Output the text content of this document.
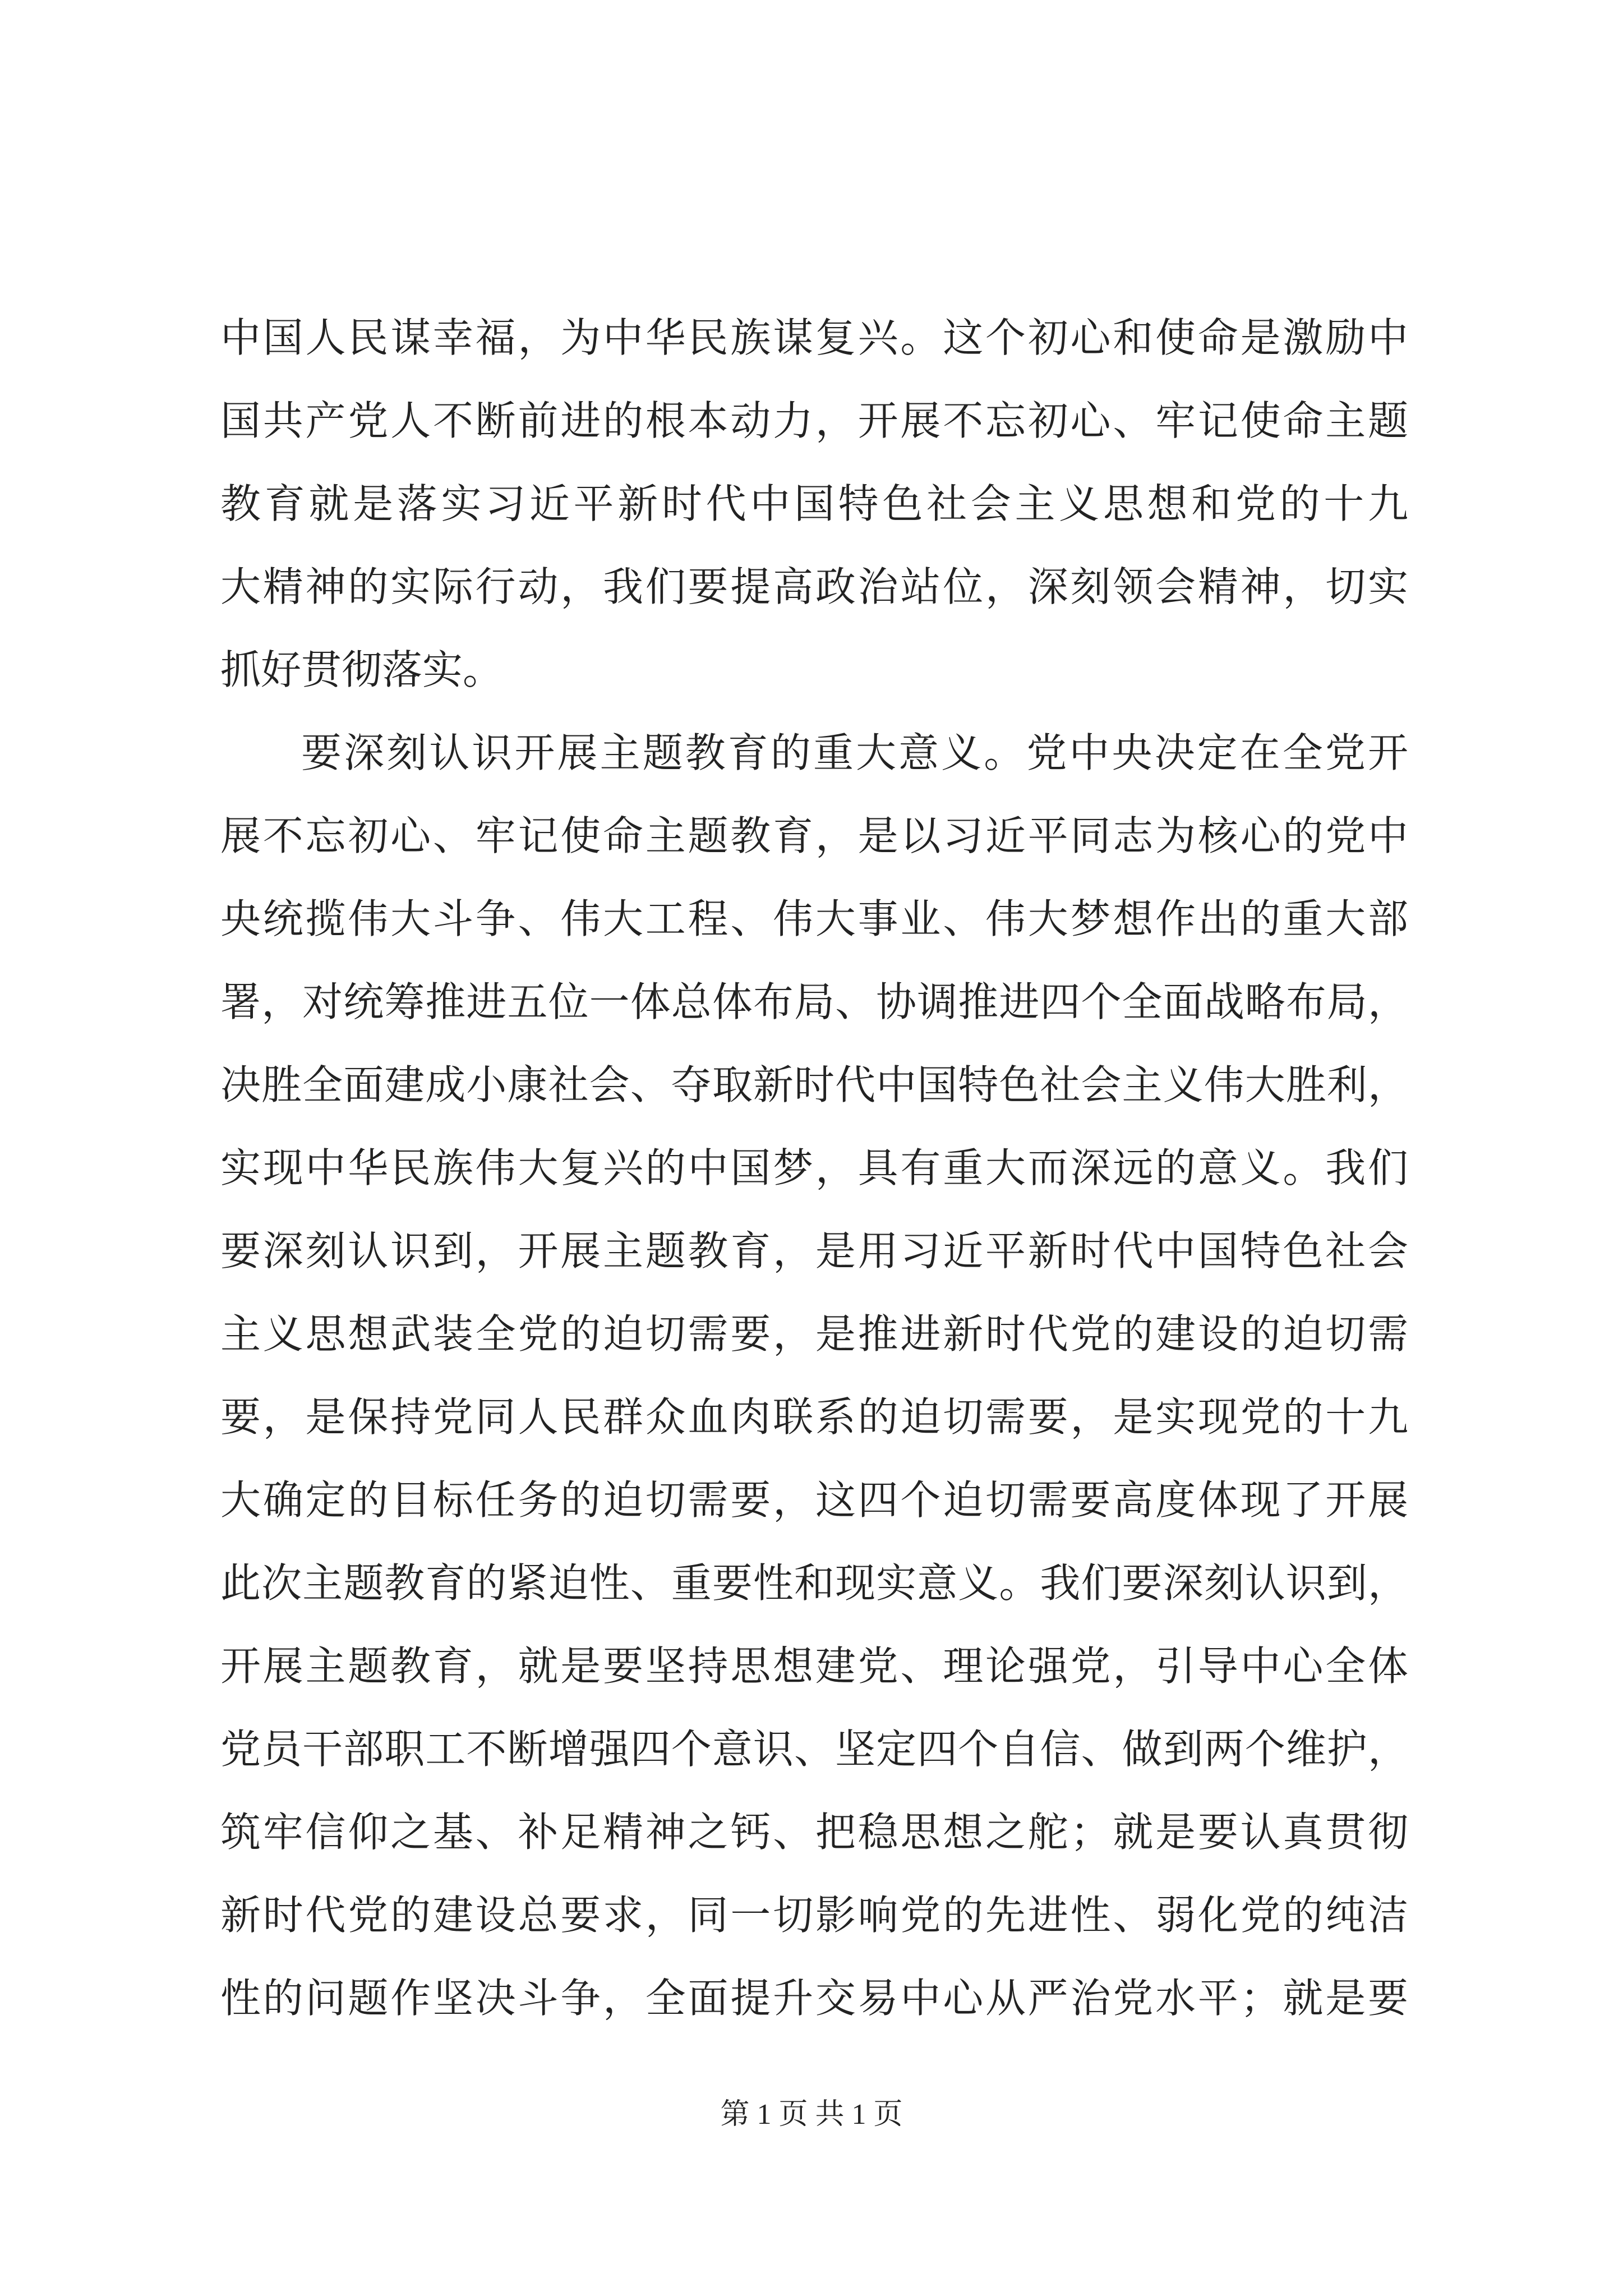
中国人民谋幸福，为中华民族谋复兴。这个初心和使命是激励中
国共产党人不断前进的根本动力，开展不忘初心、牢记使命主题
教育就是落实习近平新时代中国特色社会主义思想和党的十九
大精神的实际行动，我们要提高政治站位，深刻领会精神，切实
抓好贯彻落实。
要深刻认识开展主题教育的重大意义。党中央决定在全党开
展不忘初心、牢记使命主题教育，是以习近平同志为核心的党中
央统揽伟大斗争、伟大工程、伟大事业、伟大梦想作出的重大部
署，对统筹推进五位一体总体布局、协调推进四个全面战略布局，
决胜全面建成小康社会、夺取新时代中国特色社会主义伟大胜利，
实现中华民族伟大复兴的中国梦，具有重大而深远的意义。我们
要深刻认识到，开展主题教育，是用习近平新时代中国特色社会
主义思想武装全党的迫切需要，是推进新时代党的建设的迫切需
要，是保持党同人民群众血肉联系的迫切需要，是实现党的十九
大确定的目标任务的迫切需要，这四个迫切需要高度体现了开展
此次主题教育的紧迫性、重要性和现实意义。我们要深刻认识到，
开展主题教育，就是要坚持思想建党、理论强党，引导中心全体
党员干部职工不断增强四个意识、坚定四个自信、做到两个维护，
筑牢信仰之基、补足精神之钙、把稳思想之舵；就是要认真贯彻
新时代党的建设总要求，同一切影响党的先进性、弱化党的纯洁
性的问题作坚决斗争，全面提升交易中心从严治党水平；就是要
第 1 页 共 1 页
